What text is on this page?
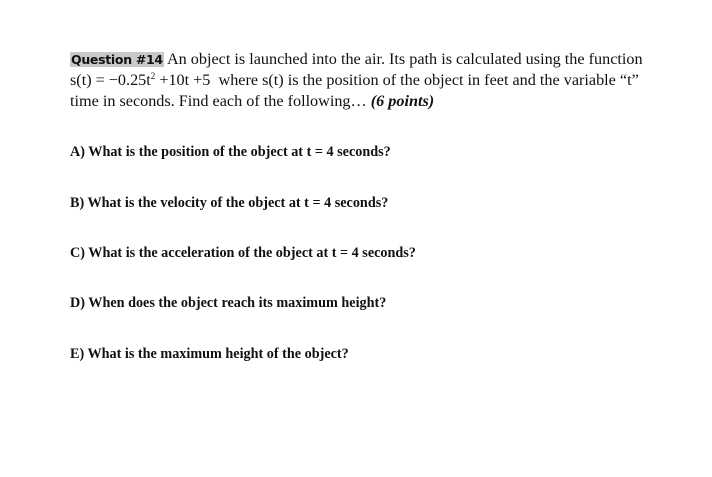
Question #14 An object is launched into the air. Its path is calculated using the function
$s(t) = -0.25t^2 +10t +5$ where s(t) is the position of the object in feet and the variable “t”
time in seconds. Find each of the following… (6 points)

A) What is the position of the object at t = 4 seconds?

B) What is the velocity of the object at t = 4 seconds?

C) What is the acceleration of the object at t = 4 seconds?

D) When does the object reach its maximum height?

E) What is the maximum height of the object?
